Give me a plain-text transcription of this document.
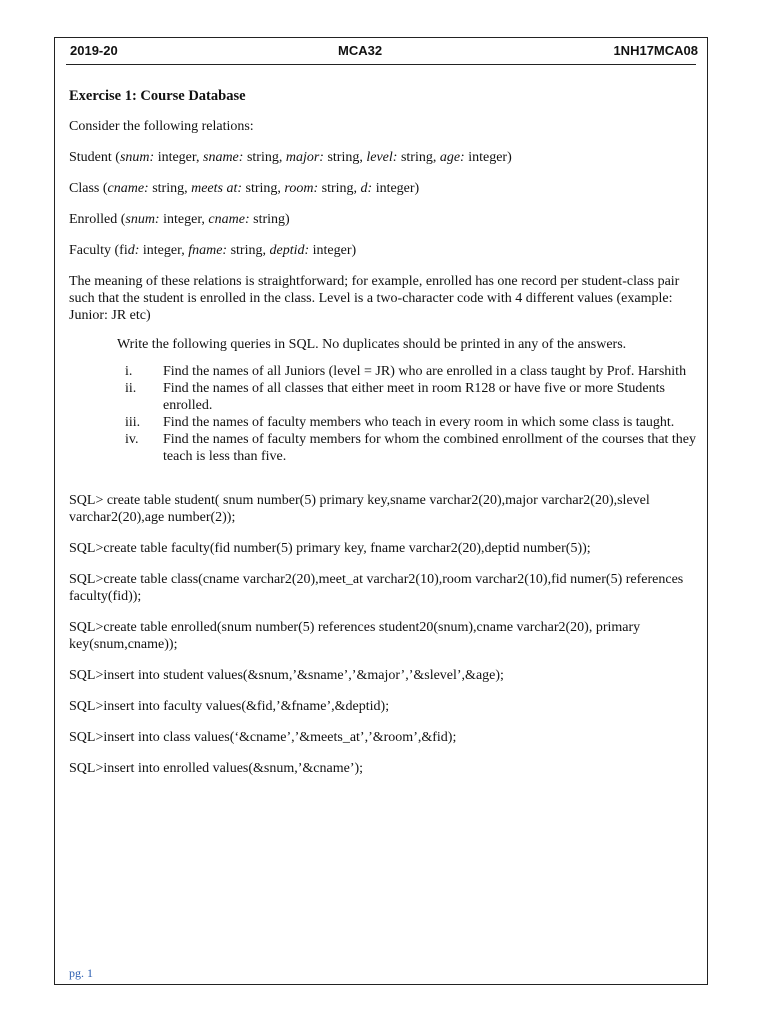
2019-20	MCA32	1NH17MCA08

Exercise 1: Course Database

Consider the following relations:

Student (snum: integer, sname: string, major: string, level: string, age: integer)

Class (cname: string, meets at: string, room: string, d: integer)

Enrolled (snum: integer, cname: string)

Faculty (fid: integer, fname: string, deptid: integer)

The meaning of these relations is straightforward; for example, enrolled has one record per student-class pair such that the student is enrolled in the class. Level is a two-character code with 4 different values (example: Junior: JR etc)

Write the following queries in SQL. No duplicates should be printed in any of the answers.

i.	Find the names of all Juniors (level = JR) who are enrolled in a class taught by Prof. Harshith
ii.	Find the names of all classes that either meet in room R128 or have five or more Students enrolled.
iii.	Find the names of faculty members who teach in every room in which some class is taught.
iv.	Find the names of faculty members for whom the combined enrollment of the courses that they teach is less than five.

SQL> create table student( snum number(5) primary key,sname varchar2(20),major varchar2(20),slevel varchar2(20),age number(2));

SQL>create table faculty(fid number(5) primary key, fname varchar2(20),deptid number(5));

SQL>create table class(cname varchar2(20),meet_at varchar2(10),room varchar2(10),fid numer(5) references faculty(fid));

SQL>create table enrolled(snum number(5) references student20(snum),cname varchar2(20), primary key(snum,cname));

SQL>insert into student values(&snum,’&sname’,’&major’,’&slevel’,&age);

SQL>insert into faculty values(&fid,’&fname’,&deptid);

SQL>insert into class values(‘&cname’,’&meets_at’,’&room’,&fid);

SQL>insert into enrolled values(&snum,’&cname’);

pg. 1
